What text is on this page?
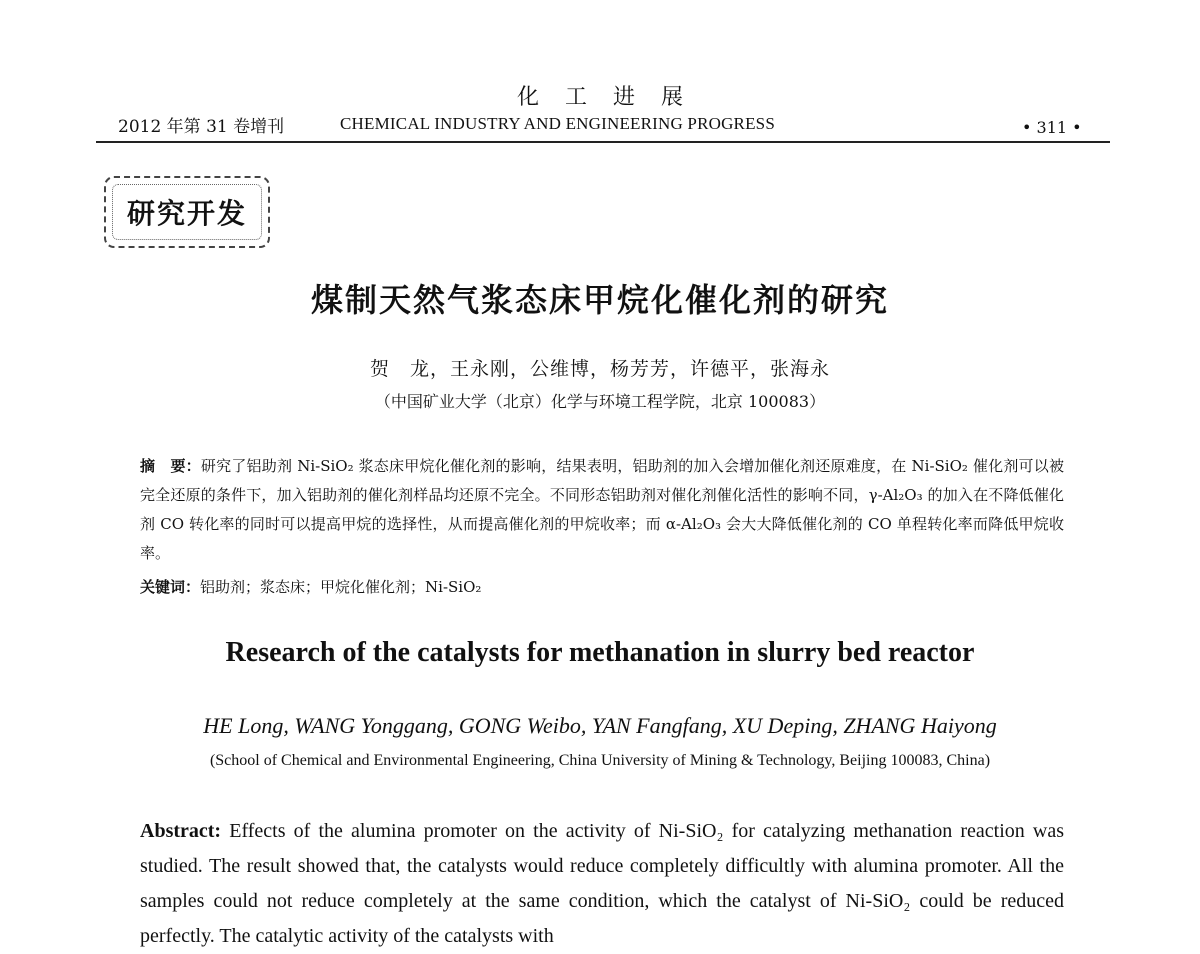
化工进展
2012 年第 31 卷增刊	CHEMICAL INDUSTRY AND ENGINEERING PROGRESS	• 311 •
研究开发
煤制天然气浆态床甲烷化催化剂的研究
贺　龙，王永刚，公维博，杨芳芳，许德平，张海永
（中国矿业大学（北京）化学与环境工程学院，北京 100083）
摘　要：研究了铝助剂 Ni-SiO₂ 浆态床甲烷化催化剂的影响，结果表明，铝助剂的加入会增加催化剂还原难度，在 Ni-SiO₂ 催化剂可以被完全还原的条件下，加入铝助剂的催化剂样品均还原不完全。不同形态铝助剂对催化剂催化活性的影响不同，γ-Al₂O₃ 的加入在不降低催化剂 CO 转化率的同时可以提高甲烷的选择性，从而提高催化剂的甲烷收率；而 α-Al₂O₃ 会大大降低催化剂的 CO 单程转化率而降低甲烷收率。
关键词：铝助剂；浆态床；甲烷化催化剂；Ni-SiO₂
Research of the catalysts for methanation in slurry bed reactor
HE Long, WANG Yonggang, GONG Weibo, YAN Fangfang, XU Deping, ZHANG Haiyong
(School of Chemical and Environmental Engineering, China University of Mining & Technology, Beijing 100083, China)
Abstract: Effects of the alumina promoter on the activity of Ni-SiO₂ for catalyzing methanation reaction was studied. The result showed that, the catalysts would reduce completely difficultly with alumina promoter. All the samples could not reduce completely at the same condition, which the catalyst of Ni-SiO₂ could be reduced perfectly. The catalytic activity of the catalysts with
